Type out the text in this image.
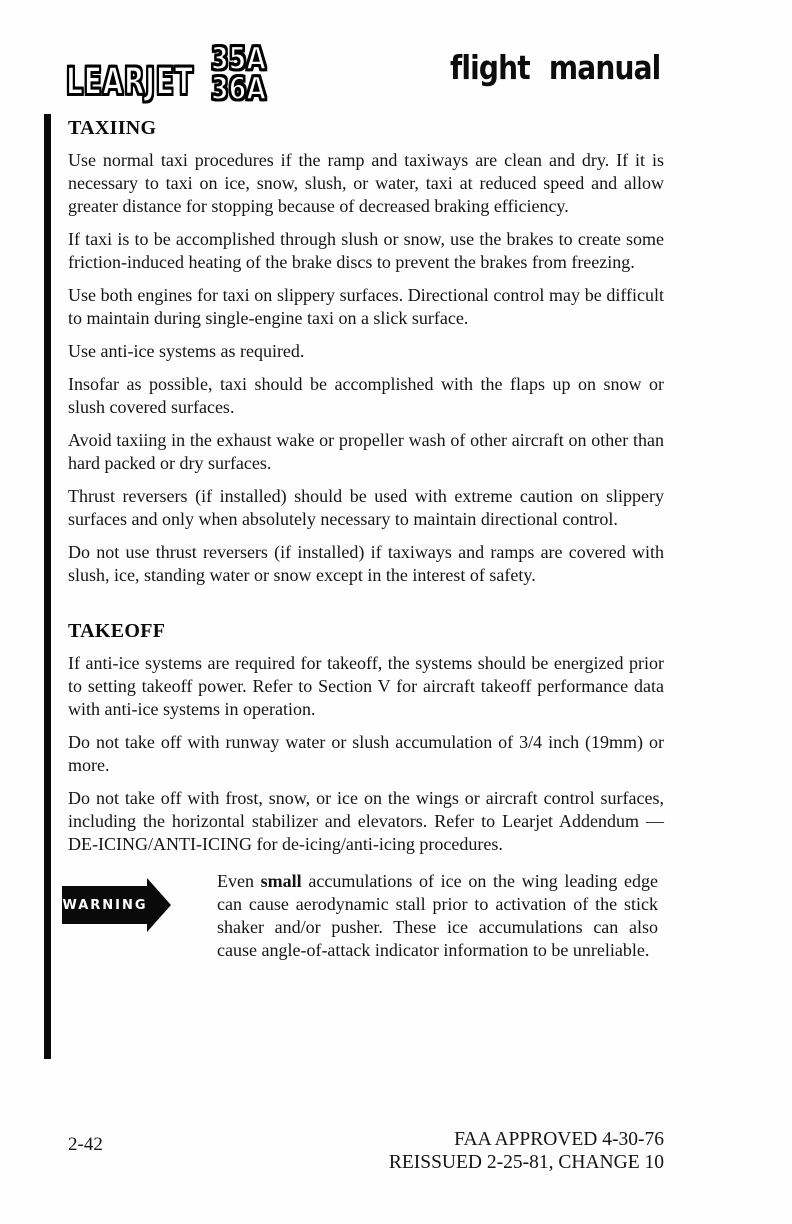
LEARJET
35A
36A
flight manual
TAXIING

Use normal taxi procedures if the ramp and taxiways are clean and dry. If it is necessary to taxi on ice, snow, slush, or water, taxi at reduced speed and allow greater distance for stopping because of decreased braking efficiency.

If taxi is to be accomplished through slush or snow, use the brakes to create some friction-induced heating of the brake discs to prevent the brakes from freezing.

Use both engines for taxi on slippery surfaces. Directional control may be difficult to maintain during single-engine taxi on a slick surface.

Use anti-ice systems as required.

Insofar as possible, taxi should be accomplished with the flaps up on snow or slush covered surfaces.

Avoid taxiing in the exhaust wake or propeller wash of other aircraft on other than hard packed or dry surfaces.

Thrust reversers (if installed) should be used with extreme caution on slippery surfaces and only when absolutely necessary to maintain directional control.

Do not use thrust reversers (if installed) if taxiways and ramps are covered with slush, ice, standing water or snow except in the interest of safety.

TAKEOFF

If anti-ice systems are required for takeoff, the systems should be energized prior to setting takeoff power. Refer to Section V for aircraft takeoff performance data with anti-ice systems in operation.

Do not take off with runway water or slush accumulation of 3/4 inch (19mm) or more.

Do not take off with frost, snow, or ice on the wings or aircraft control surfaces, including the horizontal stabilizer and elevators. Refer to Learjet Addendum — DE-ICING/ANTI-ICING for de-icing/anti-icing procedures.

WARNING
Even small accumulations of ice on the wing leading edge can cause aerodynamic stall prior to activation of the stick shaker and/or pusher. These ice accumulations can also cause angle-of-attack indicator information to be unreliable.
2-42	FAA APPROVED 4-30-76
REISSUED 2-25-81, CHANGE 10
